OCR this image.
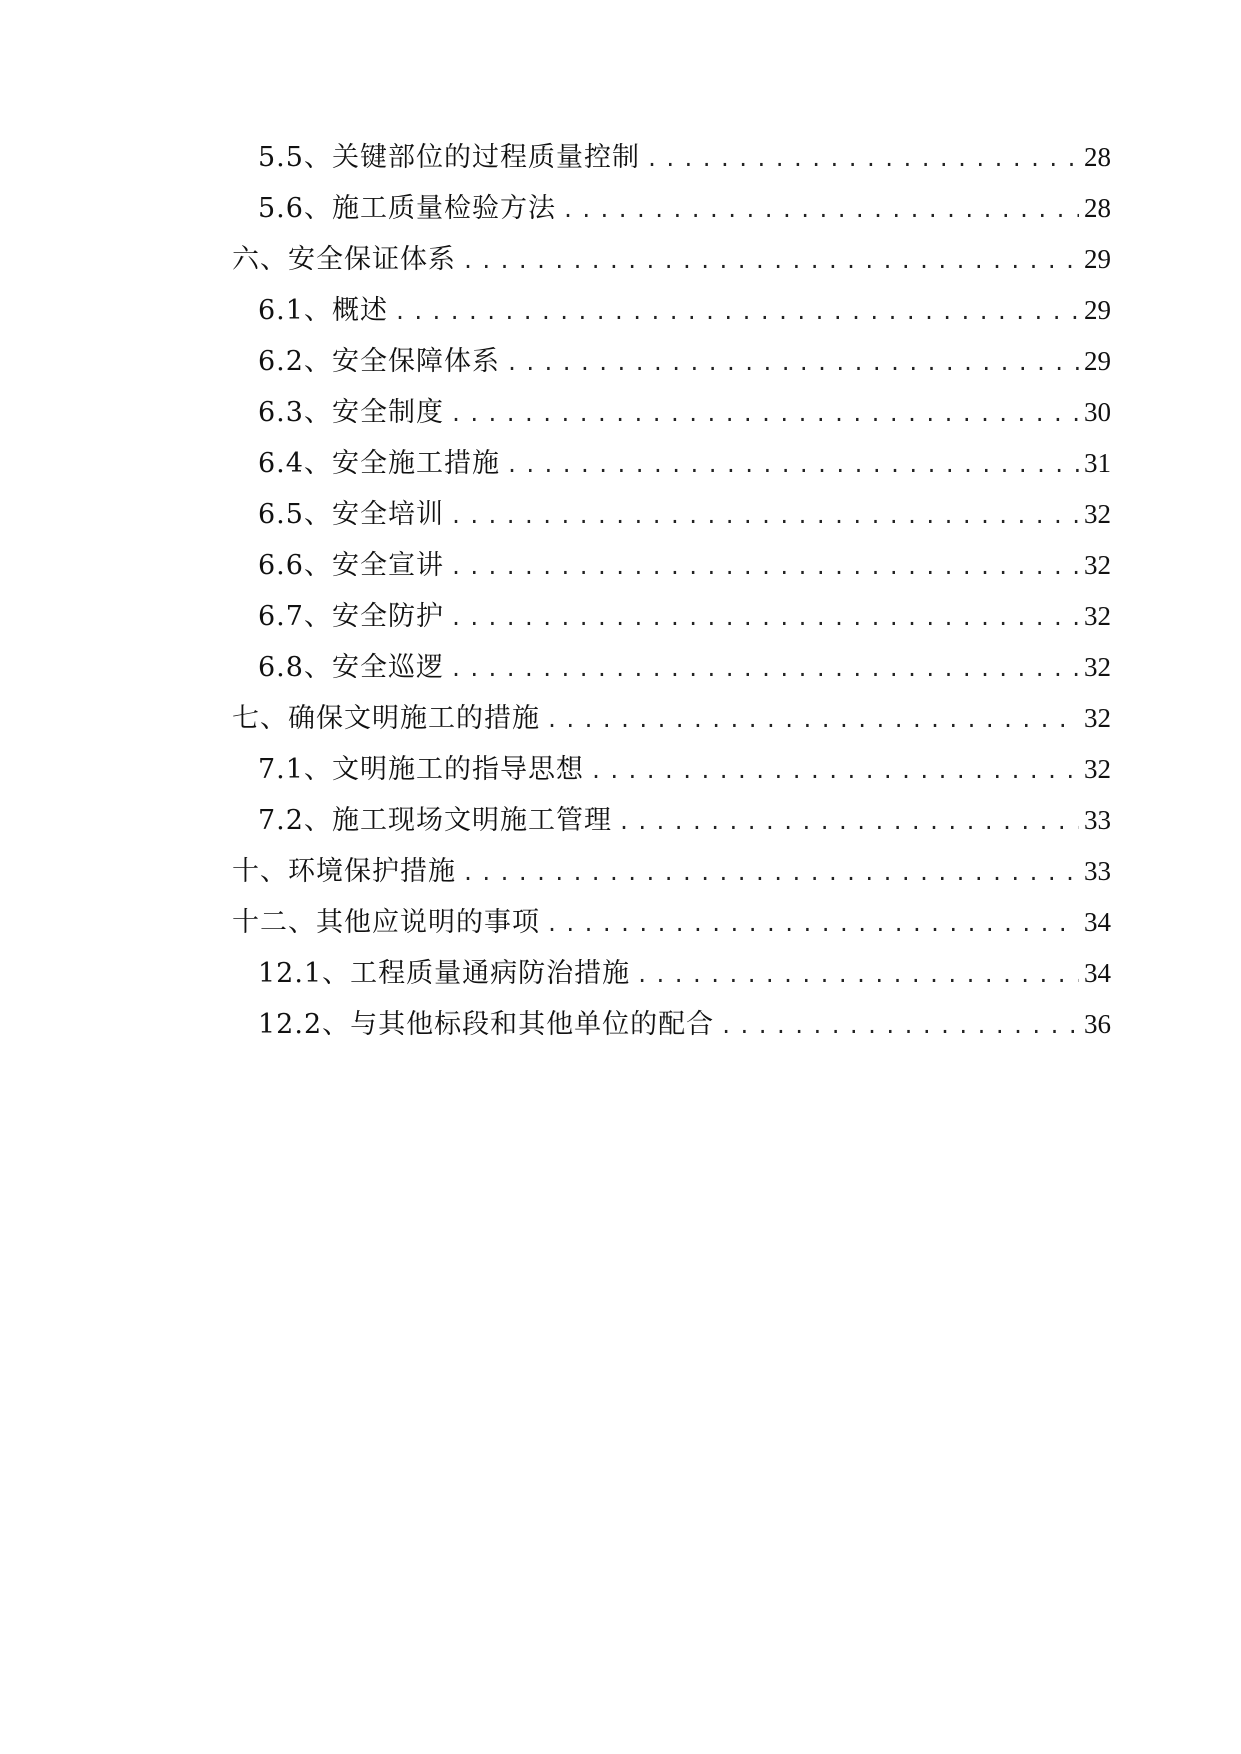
5.5、关键部位的过程质量控制 .....	28
5.6、施工质量检验方法 .....	28
六、安全保证体系 .....	29
6.1、概述 .....	29
6.2、安全保障体系 .....	29
6.3、安全制度 .....	30
6.4、安全施工措施 .....	31
6.5、安全培训 .....	32
6.6、安全宣讲 .....	32
6.7、安全防护 .....	32
6.8、安全巡逻 .....	32
七、确保文明施工的措施 .....	32
7.1、文明施工的指导思想 .....	32
7.2、施工现场文明施工管理 .....	33
十、环境保护措施 .....	33
十二、其他应说明的事项 .....	34
12.1、工程质量通病防治措施 .....	34
12.2、与其他标段和其他单位的配合 .....	36
